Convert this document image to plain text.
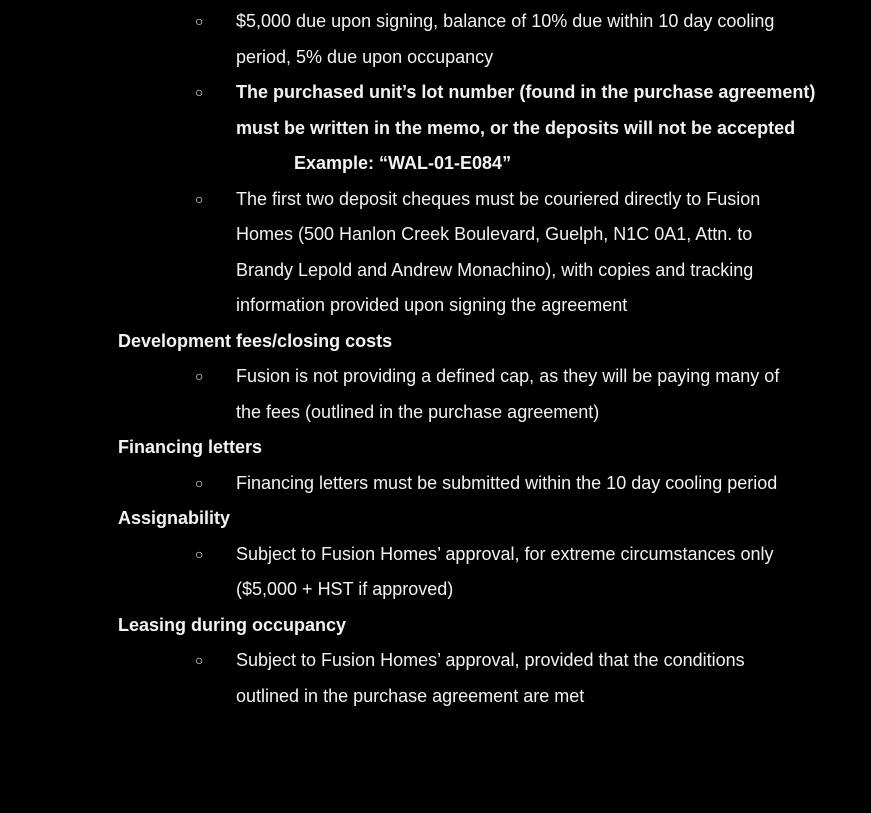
○ $5,000 due upon signing, balance of 10% due within 10 day cooling
period, 5% due upon occupancy
○ The purchased unit’s lot number (found in the purchase agreement)
must be written in the memo, or the deposits will not be accepted
Example: “WAL-01-E084”
○ The first two deposit cheques must be couriered directly to Fusion
Homes (500 Hanlon Creek Boulevard, Guelph, N1C 0A1, Attn. to
Brandy Lepold and Andrew Monachino), with copies and tracking
information provided upon signing the agreement
Development fees/closing costs
○ Fusion is not providing a defined cap, as they will be paying many of
the fees (outlined in the purchase agreement)
Financing letters
○ Financing letters must be submitted within the 10 day cooling period
Assignability
○ Subject to Fusion Homes’ approval, for extreme circumstances only
($5,000 + HST if approved)
Leasing during occupancy
○ Subject to Fusion Homes’ approval, provided that the conditions
outlined in the purchase agreement are met
